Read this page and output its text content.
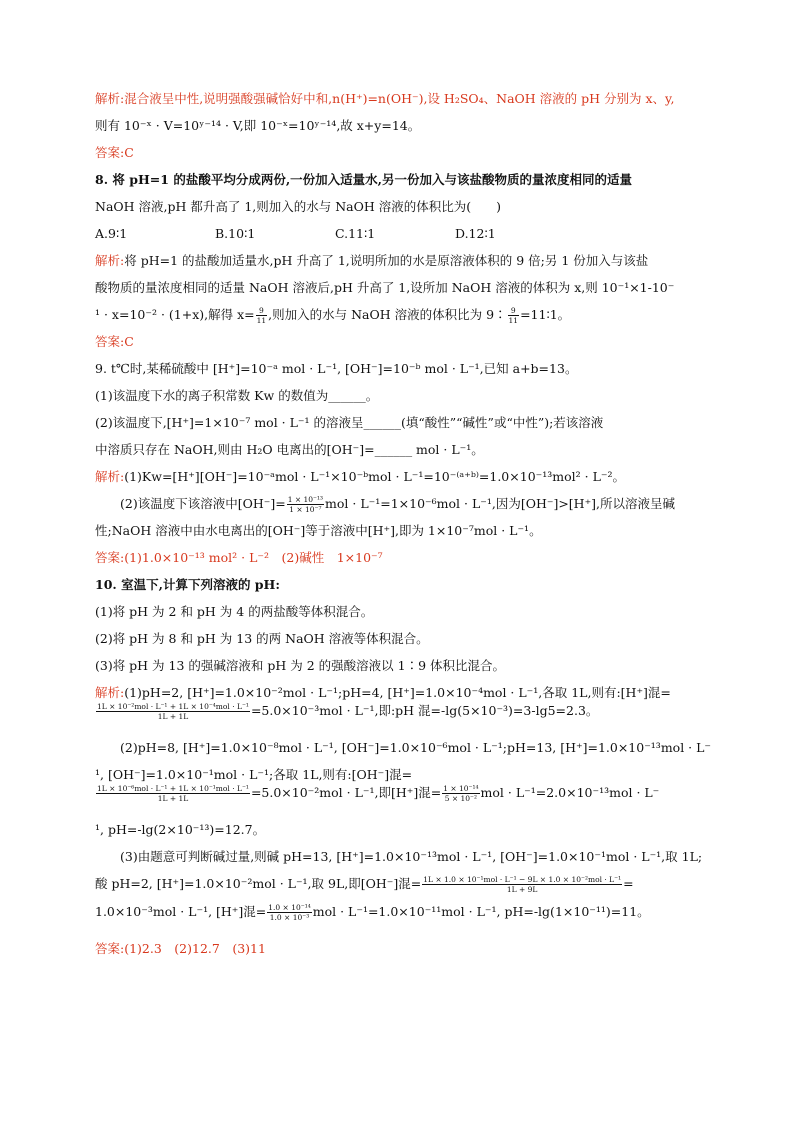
解析:混合液呈中性,说明强酸强碱恰好中和,n(H⁺)=n(OH⁻),设 H₂SO₄、NaOH 溶液的 pH 分别为 x、y,

则有 10⁻ˣ · V=10ʸ⁻¹⁴ · V,即 10⁻ˣ=10ʸ⁻¹⁴,故 x+y=14。

答案:C

8. 将 pH=1 的盐酸平均分成两份,一份加入适量水,另一份加入与该盐酸物质的量浓度相同的适量

NaOH 溶液,pH 都升高了 1,则加入的水与 NaOH 溶液的体积比为(　　)

A.9∶1	B.10∶1	C.11∶1	D.12∶1

解析:将 pH=1 的盐酸加适量水,pH 升高了 1,说明所加的水是原溶液体积的 9 倍;另 1 份加入与该盐

酸物质的量浓度相同的适量 NaOH 溶液后,pH 升高了 1,设所加 NaOH 溶液的体积为 x,则 10⁻¹×1-10⁻

¹ · x=10⁻² · (1+x),解得 $x= \frac{9}{11}$ ,则加入的水与 NaOH 溶液的体积比为 9∶ $\frac{9}{11}$ =11∶1。

答案:C

9. t℃时,某稀硫酸中 [H⁺]=10⁻ᵃ mol · L⁻¹, [OH⁻]=10⁻ᵇ mol · L⁻¹,已知 a+b=13。

(1)该温度下水的离子积常数 Kw 的数值为______。

(2)该温度下,[H⁺]=1×10⁻⁷ mol · L⁻¹ 的溶液呈______(填“酸性”“碱性”或“中性”);若该溶液

中溶质只存在 NaOH,则由 H₂O 电离出的[OH⁻]=______ mol · L⁻¹。

解析:(1)Kw=[H⁺][OH⁻]=10⁻ᵃmol · L⁻¹×10⁻ᵇmol · L⁻¹=10⁻⁽ᵃ⁺ᵇ⁾=1.0×10⁻¹³mol² · L⁻²。

(2)该温度下该溶液中$[OH^-]= \frac{\text{1 × 10⁻¹³}}{\text{1 × 10⁻⁷}}$ mol · L⁻¹=1×10⁻⁶mol · L⁻¹,因为[OH⁻]>[H⁺],所以溶液呈碱

性;NaOH 溶液中由水电离出的[OH⁻]等于溶液中[H⁺],即为 1×10⁻⁷mol · L⁻¹。

答案:(1)1.0×10⁻¹³ mol² · L⁻²　(2)碱性　1×10⁻⁷

10. 室温下,计算下列溶液的 pH:

(1)将 pH 为 2 和 pH 为 4 的两盐酸等体积混合。

(2)将 pH 为 8 和 pH 为 13 的两 NaOH 溶液等体积混合。

(3)将 pH 为 13 的强碱溶液和 pH 为 2 的强酸溶液以 1∶9 体积比混合。

解析:(1)pH=2, [H⁺]=1.0×10⁻²mol · L⁻¹;pH=4, [H⁺]=1.0×10⁻⁴mol · L⁻¹,各取 1L,则有:[H⁺]混=

1L × 10⁻²mol · L⁻¹ + 1L × 10⁻⁴mol · L⁻¹
1L + 1L	=5.0×10⁻³mol · L⁻¹,即:pH 混=-lg(5×10⁻³)=3-lg5=2.3。

(2)pH=8, [H⁺]=1.0×10⁻⁸mol · L⁻¹, [OH⁻]=1.0×10⁻⁶mol · L⁻¹;pH=13, [H⁺]=1.0×10⁻¹³mol · L⁻

¹, [OH⁻]=1.0×10⁻¹mol · L⁻¹;各取 1L,则有:[OH⁻]混=

1L × 10⁻⁶mol · L⁻¹ + 1L × 10⁻¹mol · L⁻¹
1L + 1L	=5.0×10⁻²mol · L⁻¹,即[H⁺]混= $\frac{\text{1 × 10⁻¹⁴}}{\text{5 × 10⁻²}}$ mol · L⁻¹=2.0×10⁻¹³mol · L⁻

¹, pH=-lg(2×10⁻¹³)=12.7。

(3)由题意可判断碱过量,则碱 pH=13, [H⁺]=1.0×10⁻¹³mol · L⁻¹, [OH⁻]=1.0×10⁻¹mol · L⁻¹,取 1L;

酸 pH=2, [H⁺]=1.0×10⁻²mol · L⁻¹,取 9L,即[OH⁻]混= 1L × 1.0 × 10⁻¹mol · L⁻¹ − 9L × 1.0 × 10⁻²mol · L⁻¹
1L + 9L	=

1.0×10⁻³mol · L⁻¹, [H⁺]混= $\frac{\text{1.0 × 10⁻¹⁴}}{\text{1.0 × 10⁻³}}$ mol · L⁻¹=1.0×10⁻¹¹mol · L⁻¹, pH=-lg(1×10⁻¹¹)=11。

答案:(1)2.3　(2)12.7　(3)11
